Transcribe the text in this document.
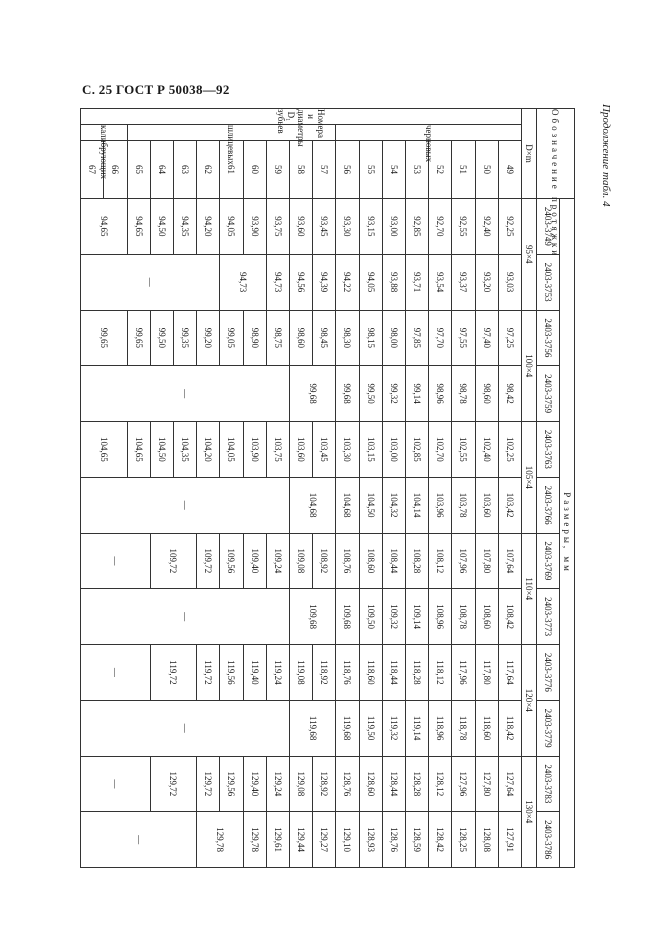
С. 25 ГОСТ Р 50038—92
Продолжение табл. 4
Обозначение протяжки			Размеры, мм											
			2403-3749	2403-3753	2403-3756	2403-3759	2403-3763	2403-3766	2403-3769	2403-3773	2403-3776	2403-3779	2403-3783	2403-3786
D×m			95×4		100×4		105×4		110×4		120×4		130×4	
Номера и диаметры D₁ зубьев	черновых	49	92,25	93,03	97,25	98,42	102,25	103,42	107,64	108,42	117,64	118,42	127,64	127,91
		50	92,40	93,20	97,40	98,60	102,40	103,60	107,80	108,60	117,80	118,60	127,80	128,08
		51	92,55	93,37	97,55	98,78	102,55	103,78	107,96	108,78	117,96	118,78	127,96	128,25
		52	92,70	93,54	97,70	98,96	102,70	103,96	108,12	108,96	118,12	118,96	128,12	128,42
		53	92,85	93,71	97,85	99,14	102,85	104,14	108,28	109,14	118,28	119,14	128,28	128,59
		54	93,00	93,88	98,00	99,32	103,00	104,32	108,44	109,32	118,44	119,32	128,44	128,76
		55	93,15	94,05	98,15	99,50	103,15	104,50	108,60	109,50	118,60	119,50	128,60	128,93
		56	93,30	94,22	98,30	99,68	103,30	104,68	108,76	109,68	118,76	119,68	128,76	129,10
	шлицевых	57	93,45	94,39	98,45	99,68	103,45	104,68	108,92	109,68	118,92	119,68	128,92	129,27
		58	93,60	94,56	98,60		103,60		109,08		119,08		129,08	129,44
		59	93,75	94,73	98,75	—	103,75	—	109,24	—	119,24	—	129,24	129,61
		60	93,90	94,73	98,90		103,90		109,40		119,40		129,40	129,78
		61	94,05		99,05		104,05		109,56		119,56		129,56	129,78
		62	94,20	—	99,20		104,20		109,72		119,72		129,72	
		63	94,35		99,35		104,35		109,72		119,72		129,72	—
		64	94,50		99,50		104,50							
		65	94,65		99,65		104,65		—		—		—	
	калибрующих	66	94,65		99,65		104,65							
		67												
